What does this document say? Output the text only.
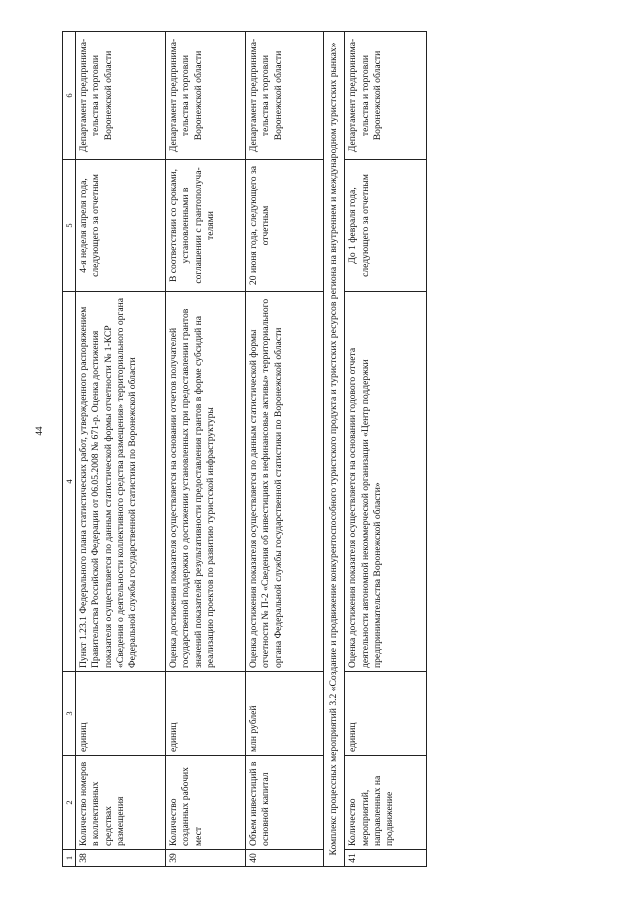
44
1	2	3	4	5	6
38	Количество номеров в коллективных средствах размещения	единиц	Пункт 1.23.1 Федерального плана статистических работ, утвержденного распоряжением Правительства Российской Федерации от 06.05.2008 № 671-р. Оценка достижения показателя осуществляется по данным статистической формы отчетности № 1-КСР «Сведения о деятельности коллективного средства размещения» территориального органа Федеральной службы государственной статистики по Воронежской области	4-я неделя апреля года, следующего за отчетным	Департамент предпринима-тельства и торговли Воронежской области
39	Количество созданных рабочих мест	единиц	Оценка достижения показателя осуществляется на основании отчетов получателей государственной поддержки о достижении установленных при предоставлении грантов значений показателей результативности предоставления грантов в форме субсидий на реализацию проектов по развитию туристской инфраструктуры	В соответствии со сроками, установленными в соглашении с грантополуча-телями	Департамент предпринима-тельства и торговли Воронежской области
40	Объем инвестиций в основной капитал	млн рублей	Оценка достижения показателя осуществляется по данным статистической формы отчетности № П-2 «Сведения об инвестициях в нефинансовые активы» территориального органа Федеральной службы государственной статистики по Воронежской области	20 июня года, следующего за отчетным	Департамент предпринима-тельства и торговли Воронежской области
Комплекс процессных мероприятий 3.2 «Создание и продвижение конкурентоспособного туристского продукта и туристских ресурсов региона на внутреннем и международном туристских рынках»					
41	Количество мероприятий, направленных на продвижение	единиц	Оценка достижения показателя осуществляется на основании годового отчета деятельности автономной некоммерческой организации «Центр поддержки предпринимательства Воронежской области»	До 1 февраля года, следующего за отчетным	Департамент предпринима-тельства и торговли Воронежской области
